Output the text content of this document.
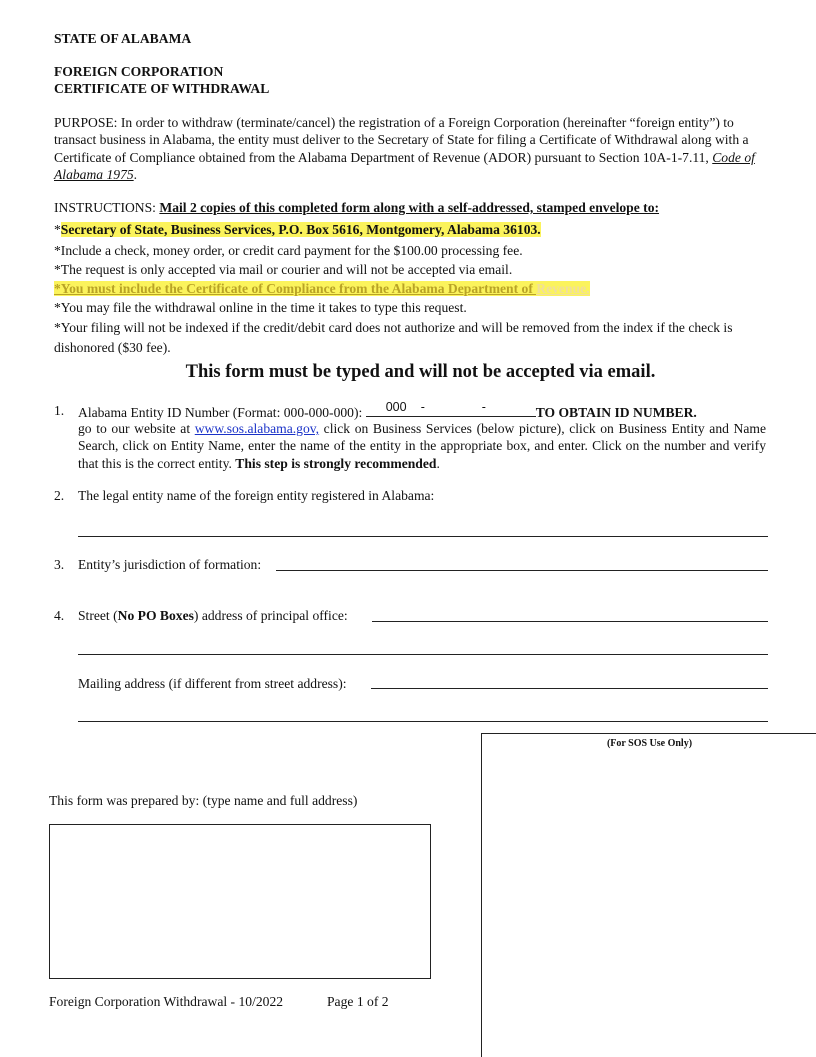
STATE OF ALABAMA
FOREIGN CORPORATION
CERTIFICATE OF WITHDRAWAL
PURPOSE: In order to withdraw (terminate/cancel) the registration of a Foreign Corporation (hereinafter “foreign entity”) to transact business in Alabama, the entity must deliver to the Secretary of State for filing a Certificate of Withdrawal along with a Certificate of Compliance obtained from the Alabama Department of Revenue (ADOR) pursuant to Section 10A-1-7.11, Code of Alabama 1975.
INSTRUCTIONS: Mail 2 copies of this completed form along with a self-addressed, stamped envelope to:
*Secretary of State, Business Services, P.O. Box 5616, Montgomery, Alabama 36103.
*Include a check, money order, or credit card payment for the $100.00 processing fee.
*The request is only accepted via mail or courier and will not be accepted via email.
*You must include the Certificate of Compliance from the Alabama Department of Revenue.
*You may file the withdrawal online in the time it takes to type this request.
*Your filing will not be indexed if the credit/debit card does not authorize and will be removed from the index if the check is dishonored ($30 fee).
This form must be typed and will not be accepted via email.
1. Alabama Entity ID Number (Format: 000-000-000): 000 -	-	TO OBTAIN ID NUMBER.
go to our website at www.sos.alabama.gov, click on Business Services (below picture), click on Business Entity and Name Search, click on Entity Name, enter the name of the entity in the appropriate box, and enter. Click on the number and verify that this is the correct entity. This step is strongly recommended.
2. The legal entity name of the foreign entity registered in Alabama:
3. Entity’s jurisdiction of formation:
4. Street (No PO Boxes) address of principal office:
Mailing address (if different from street address):
(For SOS Use Only)
This form was prepared by: (type name and full address)
Foreign Corporation Withdrawal - 10/2022	Page 1 of 2
